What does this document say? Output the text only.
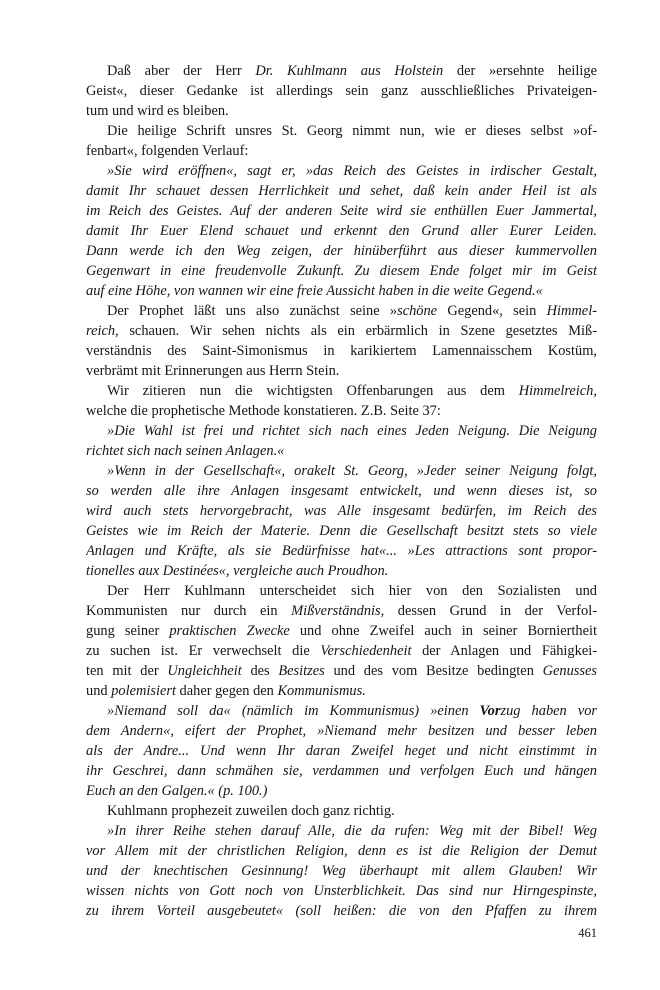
Daß aber der Herr Dr. Kuhlmann aus Holstein der »ersehnte heilige
Geist«, dieser Gedanke ist allerdings sein ganz ausschließliches Privateigen-
tum und wird es bleiben.
Die heilige Schrift unsres St. Georg nimmt nun, wie er dieses selbst »of-
fenbart«, folgenden Verlauf:
»Sie wird eröffnen«, sagt er, »das Reich des Geistes in irdischer Gestalt,
damit Ihr schauet dessen Herrlichkeit und sehet, daß kein ander Heil ist als
im Reich des Geistes. Auf der anderen Seite wird sie enthüllen Euer Jammertal,
damit Ihr Euer Elend schauet und erkennt den Grund aller Eurer Leiden.
Dann werde ich den Weg zeigen, der hinüberführt aus dieser kummervollen
Gegenwart in eine freudenvolle Zukunft. Zu diesem Ende folget mir im Geist
auf eine Höhe, von wannen wir eine freie Aussicht haben in die weite Gegend.«
Der Prophet läßt uns also zunächst seine »schöne Gegend«, sein Himmel-
reich, schauen. Wir sehen nichts als ein erbärmlich in Szene gesetztes Miß-
verständnis des Saint-Simonismus in karikiertem Lamennaisschem Kostüm,
verbrämt mit Erinnerungen aus Herrn Stein.
Wir zitieren nun die wichtigsten Offenbarungen aus dem Himmelreich,
welche die prophetische Methode konstatieren. Z.B. Seite 37:
»Die Wahl ist frei und richtet sich nach eines Jeden Neigung. Die Neigung
richtet sich nach seinen Anlagen.«
»Wenn in der Gesellschaft«, orakelt St. Georg, »Jeder seiner Neigung folgt,
so werden alle ihre Anlagen insgesamt entwickelt, und wenn dieses ist, so
wird auch stets hervorgebracht, was Alle insgesamt bedürfen, im Reich des
Geistes wie im Reich der Materie. Denn die Gesellschaft besitzt stets so viele
Anlagen und Kräfte, als sie Bedürfnisse hat«... »Les attractions sont propor-
tionelles aux Destinées«, vergleiche auch Proudhon.
Der Herr Kuhlmann unterscheidet sich hier von den Sozialisten und
Kommunisten nur durch ein Mißverständnis, dessen Grund in der Verfol-
gung seiner praktischen Zwecke und ohne Zweifel auch in seiner Borniertheit
zu suchen ist. Er verwechselt die Verschiedenheit der Anlagen und Fähigkei-
ten mit der Ungleichheit des Besitzes und des vom Besitze bedingten Genusses
und polemisiert daher gegen den Kommunismus.
»Niemand soll da« (nämlich im Kommunismus) »einen Vorzug haben vor
dem Andern«, eifert der Prophet, »Niemand mehr besitzen und besser leben
als der Andre... Und wenn Ihr daran Zweifel heget und nicht einstimmt in
ihr Geschrei, dann schmähen sie, verdammen und verfolgen Euch und hängen
Euch an den Galgen.« (p. 100.)
Kuhlmann prophezeit zuweilen doch ganz richtig.
»In ihrer Reihe stehen darauf Alle, die da rufen: Weg mit der Bibel! Weg
vor Allem mit der christlichen Religion, denn es ist die Religion der Demut
und der knechtischen Gesinnung! Weg überhaupt mit allem Glauben! Wir
wissen nichts von Gott noch von Unsterblichkeit. Das sind nur Hirngespinste,
zu ihrem Vorteil ausgebeutet« (soll heißen: die von den Pfaffen zu ihrem
461
